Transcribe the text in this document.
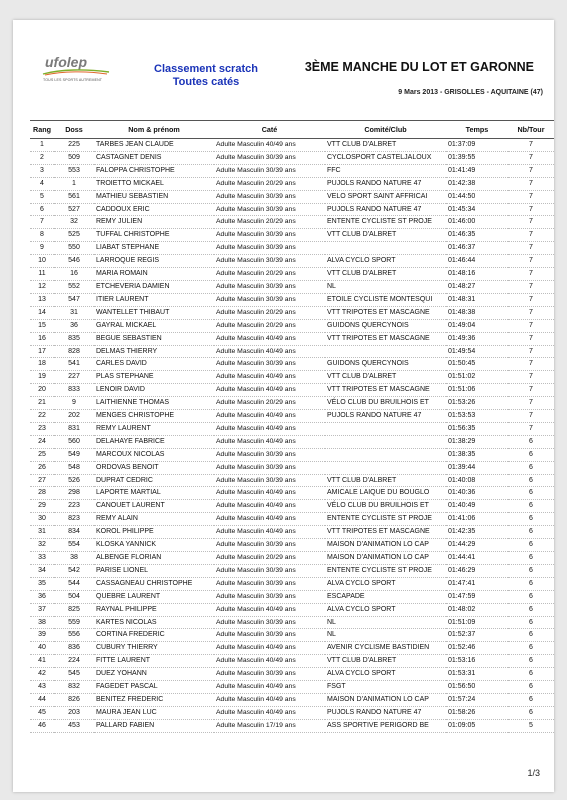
ufolep
TOUS LES SPORTS AUTREMENT
Classement scratch
Toutes catés
3ÈME MANCHE DU LOT ET GARONNE
9 Mars 2013 - GRISOLLES - AQUITAINE (47)
Rang	Doss	Nom & prénom	Caté	Comité/Club	Temps	Nb/Tour
1	225	TARBES JEAN CLAUDE	Adulte Masculin 40/49 ans	VTT CLUB D'ALBRET	01:37:09	7
2	509	CASTAGNET DENIS	Adulte Masculin 30/39 ans	CYCLOSPORT CASTELJALOUX	01:39:55	7
3	553	FALOPPA CHRISTOPHE	Adulte Masculin 30/39 ans	FFC	01:41:49	7
4	1	TROIETTO MICKAEL	Adulte Masculin 20/29 ans	PUJOLS RANDO NATURE 47	01:42:38	7
5	561	MATHIEU SEBASTIEN	Adulte Masculin 30/39 ans	VELO SPORT SAINT AFFRICAI	01:44:50	7
6	527	CADDOUX ERIC	Adulte Masculin 30/39 ans	PUJOLS RANDO NATURE 47	01:45:34	7
7	32	REMY JULIEN	Adulte Masculin 20/29 ans	ENTENTE CYCLISTE ST PROJE	01:46:00	7
8	525	TUFFAL CHRISTOPHE	Adulte Masculin 30/39 ans	VTT CLUB D'ALBRET	01:46:35	7
9	550	LIABAT STEPHANE	Adulte Masculin 30/39 ans		01:46:37	7
10	546	LARROQUE REGIS	Adulte Masculin 30/39 ans	ALVA CYCLO SPORT	01:46:44	7
11	16	MARIA ROMAIN	Adulte Masculin 20/29 ans	VTT CLUB D'ALBRET	01:48:16	7
12	552	ETCHEVERIA DAMIEN	Adulte Masculin 30/39 ans	NL	01:48:27	7
13	547	ITIER LAURENT	Adulte Masculin 30/39 ans	ETOILE CYCLISTE MONTESQUI	01:48:31	7
14	31	WANTELLET THIBAUT	Adulte Masculin 20/29 ans	VTT TRIPOTES ET MASCAGNE	01:48:38	7
15	36	GAYRAL MICKAEL	Adulte Masculin 20/29 ans	GUIDONS QUERCYNOIS	01:49:04	7
16	835	BEGUE SEBASTIEN	Adulte Masculin 40/49 ans	VTT TRIPOTES ET MASCAGNE	01:49:36	7
17	828	DELMAS THIERRY	Adulte Masculin 40/49 ans		01:49:54	7
18	541	CARLES DAVID	Adulte Masculin 30/39 ans	GUIDONS QUERCYNOIS	01:50:45	7
19	227	PLAS STEPHANE	Adulte Masculin 40/49 ans	VTT CLUB D'ALBRET	01:51:02	7
20	833	LENOIR DAVID	Adulte Masculin 40/49 ans	VTT TRIPOTES ET MASCAGNE	01:51:06	7
21	9	LAITHIENNE THOMAS	Adulte Masculin 20/29 ans	VÉLO CLUB DU BRUILHOIS ET	01:53:26	7
22	202	MENGES CHRISTOPHE	Adulte Masculin 40/49 ans	PUJOLS RANDO NATURE 47	01:53:53	7
23	831	REMY LAURENT	Adulte Masculin 40/49 ans		01:56:35	7
24	560	DELAHAYE FABRICE	Adulte Masculin 40/49 ans		01:38:29	6
25	549	MARCOUX NICOLAS	Adulte Masculin 30/39 ans		01:38:35	6
26	548	ORDOVAS BENOIT	Adulte Masculin 30/39 ans		01:39:44	6
27	526	DUPRAT CEDRIC	Adulte Masculin 30/39 ans	VTT CLUB D'ALBRET	01:40:08	6
28	298	LAPORTE MARTIAL	Adulte Masculin 40/49 ans	AMICALE LAIQUE DU BOUGLO	01:40:36	6
29	223	CANOUET LAURENT	Adulte Masculin 40/49 ans	VÉLO CLUB DU BRUILHOIS ET	01:40:49	6
30	823	REMY ALAIN	Adulte Masculin 40/49 ans	ENTENTE CYCLISTE ST PROJE	01:41:06	6
31	834	KOROL PHILIPPE	Adulte Masculin 40/49 ans	VTT TRIPOTES ET MASCAGNE	01:42:35	6
32	554	KLOSKA YANNICK	Adulte Masculin 30/39 ans	MAISON D'ANIMATION LO CAP	01:44:29	6
33	38	ALBENGE FLORIAN	Adulte Masculin 20/29 ans	MAISON D'ANIMATION LO CAP	01:44:41	6
34	542	PARISE LIONEL	Adulte Masculin 30/39 ans	ENTENTE CYCLISTE ST PROJE	01:46:29	6
35	544	CASSAGNEAU CHRISTOPHE	Adulte Masculin 30/39 ans	ALVA CYCLO SPORT	01:47:41	6
36	504	QUEBRE LAURENT	Adulte Masculin 30/39 ans	ESCAPADE	01:47:59	6
37	825	RAYNAL PHILIPPE	Adulte Masculin 40/49 ans	ALVA CYCLO SPORT	01:48:02	6
38	559	KARTES NICOLAS	Adulte Masculin 30/39 ans	NL	01:51:09	6
39	556	CORTINA FREDERIC	Adulte Masculin 30/39 ans	NL	01:52:37	6
40	836	CUBURY THIERRY	Adulte Masculin 40/49 ans	AVENIR CYCLISME BASTIDIEN	01:52:46	6
41	224	FITTE LAURENT	Adulte Masculin 40/49 ans	VTT CLUB D'ALBRET	01:53:16	6
42	545	DUEZ YOHANN	Adulte Masculin 30/39 ans	ALVA CYCLO SPORT	01:53:31	6
43	832	FAGEDET PASCAL	Adulte Masculin 40/49 ans	FSGT	01:56:50	6
44	826	BENITEZ FREDERIC	Adulte Masculin 40/49 ans	MAISON D'ANIMATION LO CAP	01:57:24	6
45	203	MAURA JEAN LUC	Adulte Masculin 40/49 ans	PUJOLS RANDO NATURE 47	01:58:26	6
46	453	PALLARD FABIEN	Adulte Masculin 17/19 ans	ASS SPORTIVE PERIGORD BE	01:09:05	5
1/3
